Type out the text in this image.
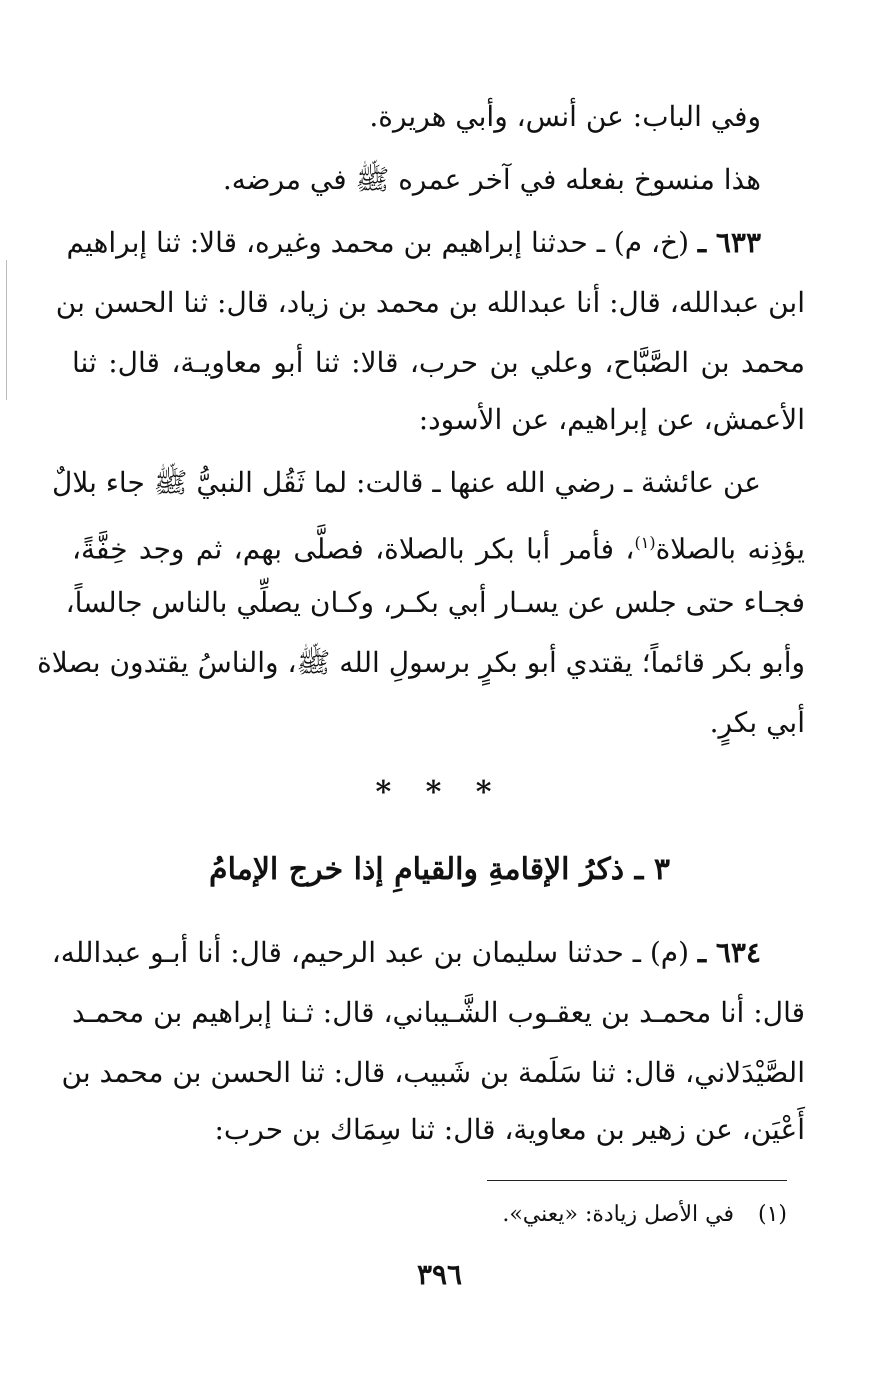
وفي الباب: عن أنس، وأبي هريرة.
هذا منسوخ بفعله في آخر عمره ﷺ في مرضه.
٦٣٣ ـ (خ، م) ـ حدثنا إبراهيم بن محمد وغيره، قالا: ثنا إبراهيم
ابن عبدالله، قال: أنا عبدالله بن محمد بن زياد، قال: ثنا الحسن بن
محمد بن الصَّبَّاح، وعلي بن حرب، قالا: ثنا أبو معاويـة، قال: ثنا
الأعمش، عن إبراهيم، عن الأسود:
عن عائشة ـ رضي الله عنها ـ قالت: لما ثَقُل النبيُّ ﷺ جاء بلالٌ
يؤذِنه بالصلاة$^{(١)}$، فأمر أبا بكر بالصلاة، فصلَّى بهم، ثم وجد خِفَّةً،
فجـاء حتى جلس عن يسـار أبي بكـر، وكـان يصلِّي بالناس جالساً،
وأبو بكر قائماً؛ يقتدي أبو بكرٍ برسولِ الله ﷺ، والناسُ يقتدون بصلاة
أبي بكرٍ.
* * *
٣ ـ ذكرُ الإقامةِ والقيامِ إذا خرج الإمامُ
٦٣٤ ـ (م) ـ حدثنا سليمان بن عبد الرحيم، قال: أنا أبـو عبدالله،
قال: أنا محمـد بن يعقـوب الشَّـيباني، قال: ثـنا إبراهيم بن محمـد
الصَّيْدَلاني، قال: ثنا سَلَمة بن شَبيب، قال: ثنا الحسن بن محمد بن
أَعْيَن، عن زهير بن معاوية، قال: ثنا سِمَاك بن حرب:
(١)في الأصل زيادة: «يعني».
٣٩٦
